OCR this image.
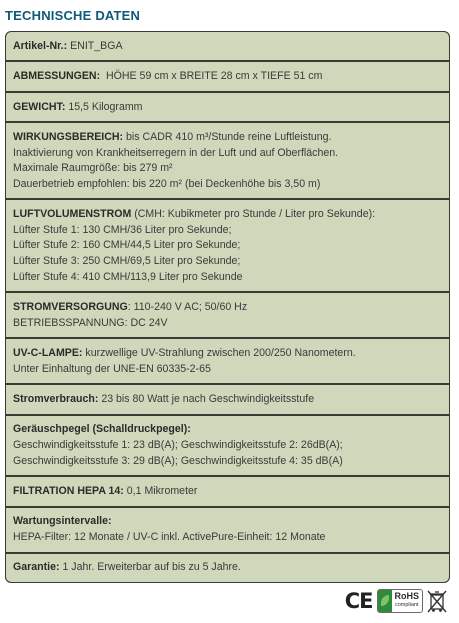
TECHNISCHE DATEN
Artikel-Nr.: ENIT_BGA
ABMESSUNGEN:  HÖHE 59 cm x BREITE 28 cm x TIEFE 51 cm
GEWICHT: 15,5 Kilogramm
WIRKUNGSBEREICH: bis CADR 410 m³/Stunde reine Luftleistung.
Inaktivierung von Krankheitserregern in der Luft und auf Oberflächen.
Maximale Raumgröße: bis 279 m²
Dauerbetrieb empfohlen: bis 220 m² (bei Deckenhöhe bis 3,50 m)
LUFTVOLUMENSTROM (CMH: Kubikmeter pro Stunde / Liter pro Sekunde):
Lüfter Stufe 1: 130 CMH/36 Liter pro Sekunde;
Lüfter Stufe 2: 160 CMH/44,5 Liter pro Sekunde;
Lüfter Stufe 3: 250 CMH/69,5 Liter pro Sekunde;
Lüfter Stufe 4: 410 CMH/113,9 Liter pro Sekunde
STROMVERSORGUNG: 110-240 V AC; 50/60 Hz
BETRIEBSSPANNUNG: DC 24V
UV-C-LAMPE: kurzwellige UV-Strahlung zwischen 200/250 Nanometern.
Unter Einhaltung der UNE-EN 60335-2-65
Stromverbrauch: 23 bis 80 Watt je nach Geschwindigkeitsstufe
Geräuschpegel (Schalldruckpegel):
Geschwindigkeitsstufe 1: 23 dB(A); Geschwindigkeitsstufe 2: 26dB(A);
Geschwindigkeitsstufe 3: 29 dB(A); Geschwindigkeitsstufe 4: 35 dB(A)
FILTRATION HEPA 14: 0,1 Mikrometer
Wartungsintervalle:
HEPA-Filter: 12 Monate / UV-C inkl. ActivePure-Einheit: 12 Monate
Garantie: 1 Jahr. Erweiterbar auf bis zu 5 Jahre.
CE RoHS
compliant
